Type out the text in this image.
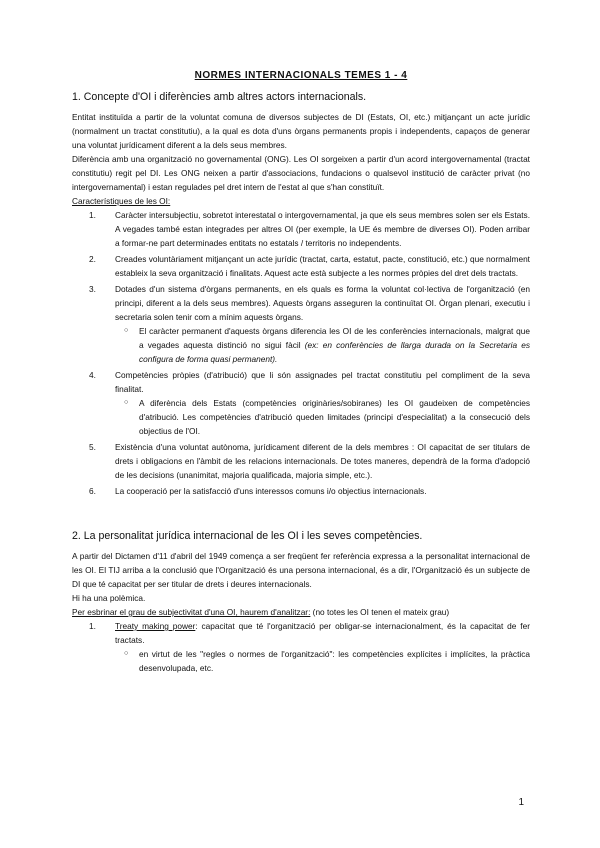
NORMES INTERNACIONALS TEMES 1 - 4
1. Concepte d'OI i diferències amb altres actors internacionals.

Entitat instituïda a partir de la voluntat comuna de diversos subjectes de DI (Estats, OI, etc.) mitjançant un acte jurídic (normalment un tractat constitutiu), a la qual es dota d'uns òrgans permanents propis i independents, capaços de generar una voluntat jurídicament diferent a la dels seus membres.

Diferència amb una organització no governamental (ONG). Les OI sorgeixen a partir d'un acord intergovernamental (tractat constitutiu) regit pel DI. Les ONG neixen a partir d'associacions, fundacions o qualsevol institució de caràcter privat (no intergovernamental) i estan regulades pel dret intern de l'estat al que s'han constituït.

Característiques de les OI:

1. Caràcter intersubjectiu, sobretot interestatal o intergovernamental, ja que els seus membres solen ser els Estats. A vegades també estan integrades per altres OI (per exemple, la UE és membre de diverses OI). Poden arribar a formar-ne part determinades entitats no estatals / territoris no independents.
2. Creades voluntàriament mitjançant un acte jurídic (tractat, carta, estatut, pacte, constitució, etc.) que normalment estableix la seva organització i finalitats. Aquest acte està subjecte a les normes pròpies del dret dels tractats.
3. Dotades d'un sistema d'òrgans permanents, en els quals es forma la voluntat col·lectiva de l'organització (en principi, diferent a la dels seus membres). Aquests òrgans asseguren la continuïtat OI. Òrgan plenari, executiu i secretaria solen tenir com a mínim aquests òrgans.
○ El caràcter permanent d'aquests òrgans diferencia les OI de les conferències internacionals, malgrat que a vegades aquesta distinció no sigui fàcil (ex: en conferències de llarga durada on la Secretaria es configura de forma quasi permanent).
4. Competències pròpies (d'atribució) que li són assignades pel tractat constitutiu pel compliment de la seva finalitat.
○ A diferència dels Estats (competències originàries/sobiranes) les OI gaudeixen de competències d'atribució. Les competències d'atribució queden limitades (principi d'especialitat) a la consecució dels objectius de l'OI.
5. Existència d'una voluntat autònoma, jurídicament diferent de la dels membres : OI capacitat de ser titulars de drets i obligacions en l'àmbit de les relacions internacionals. De totes maneres, dependrà de la forma d'adopció de les decisions (unanimitat, majoria qualificada, majoria simple, etc.).
6. La cooperació per la satisfacció d'uns interessos comuns i/o objectius internacionals.
2. La personalitat jurídica internacional de les OI i les seves competències.

A partir del Dictamen d'11 d'abril del 1949 comença a ser freqüent fer referència expressa a la personalitat internacional de les OI. El TIJ arriba a la conclusió que l'Organització és una persona internacional, és a dir, l'Organització és un subjecte de DI que té capacitat per ser titular de drets i deures internacionals.

Hi ha una polèmica.

Per esbrinar el grau de subjectivitat d'una OI, haurem d'analitzar: (no totes les OI tenen el mateix grau)

1. Treaty making power: capacitat que té l'organització per obligar-se internacionalment, és la capacitat de fer tractats.
○ en virtut de les "regles o normes de l'organització": les competències explícites i implícites, la pràctica desenvolupada, etc.
1
